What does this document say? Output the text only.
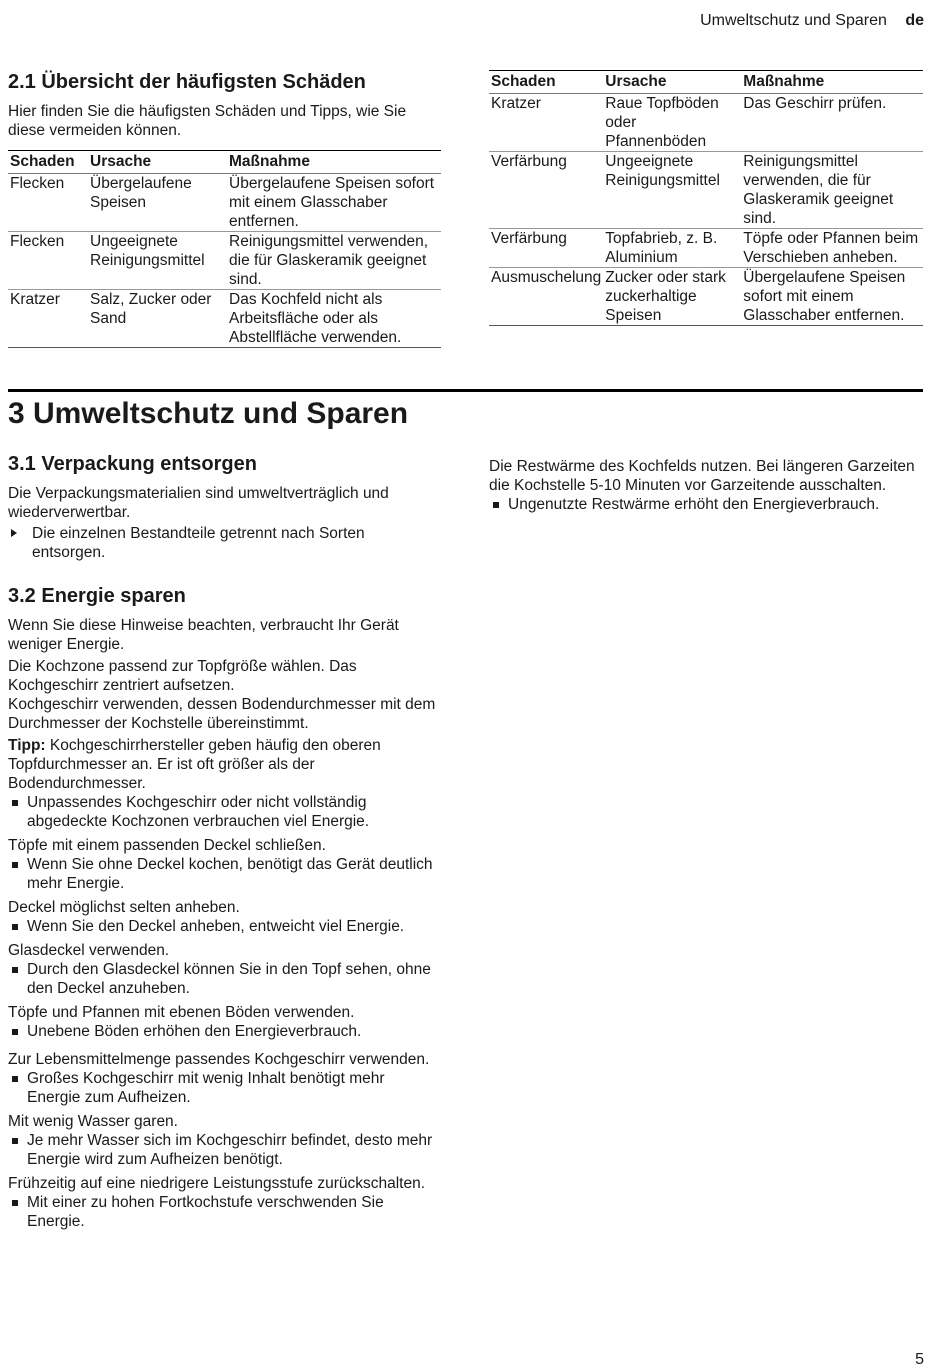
Umweltschutz und Sparen de
2.1 Übersicht der häufigsten Schäden

Hier finden Sie die häufigsten Schäden und Tipps, wie Sie diese vermeiden können.

Schaden	Ursache	Maßnahme
Flecken	Übergelaufene Speisen	Übergelaufene Speisen sofort mit einem Glasschaber entfernen.
Flecken	Ungeeignete Reinigungsmittel	Reinigungsmittel verwenden, die für Glaskeramik geeignet sind.
Kratzer	Salz, Zucker oder Sand	Das Kochfeld nicht als Arbeitsfläche oder als Abstellfläche verwenden.
Schaden	Ursache	Maßnahme
Kratzer	Raue Topfböden oder Pfannenböden	Das Geschirr prüfen.
Verfärbung	Ungeeignete Reinigungsmittel	Reinigungsmittel verwenden, die für Glaskeramik geeignet sind.
Verfärbung	Topfabrieb, z. B. Aluminium	Töpfe oder Pfannen beim Verschieben anheben.
Ausmuschelung	Zucker oder stark zuckerhaltige Speisen	Übergelaufene Speisen sofort mit einem Glasschaber entfernen.
3 Umweltschutz und Sparen
3.1 Verpackung entsorgen

Die Verpackungsmaterialien sind umweltverträglich und wiederverwertbar.

Die einzelnen Bestandteile getrennt nach Sorten entsorgen.

3.2 Energie sparen

Wenn Sie diese Hinweise beachten, verbraucht Ihr Gerät weniger Energie.

Die Kochzone passend zur Topfgröße wählen. Das Kochgeschirr zentriert aufsetzen.

Kochgeschirr verwenden, dessen Bodendurchmesser mit dem Durchmesser der Kochstelle übereinstimmt.

Tipp: Kochgeschirrhersteller geben häufig den oberen Topfdurchmesser an. Er ist oft größer als der Bodendurchmesser.

Unpassendes Kochgeschirr oder nicht vollständig abgedeckte Kochzonen verbrauchen viel Energie.

Töpfe mit einem passenden Deckel schließen.

Wenn Sie ohne Deckel kochen, benötigt das Gerät deutlich mehr Energie.

Deckel möglichst selten anheben.

Wenn Sie den Deckel anheben, entweicht viel Energie.

Glasdeckel verwenden.

Durch den Glasdeckel können Sie in den Topf sehen, ohne den Deckel anzuheben.

Töpfe und Pfannen mit ebenen Böden verwenden.

Unebene Böden erhöhen den Energieverbrauch.

Zur Lebensmittelmenge passendes Kochgeschirr verwenden.

Großes Kochgeschirr mit wenig Inhalt benötigt mehr Energie zum Aufheizen.

Mit wenig Wasser garen.

Je mehr Wasser sich im Kochgeschirr befindet, desto mehr Energie wird zum Aufheizen benötigt.

Frühzeitig auf eine niedrigere Leistungsstufe zurückschalten.

Mit einer zu hohen Fortkochstufe verschwenden Sie Energie.

Die Restwärme des Kochfelds nutzen. Bei längeren Garzeiten die Kochstelle 5-10 Minuten vor Garzeitende ausschalten.

Ungenutzte Restwärme erhöht den Energieverbrauch.

5
